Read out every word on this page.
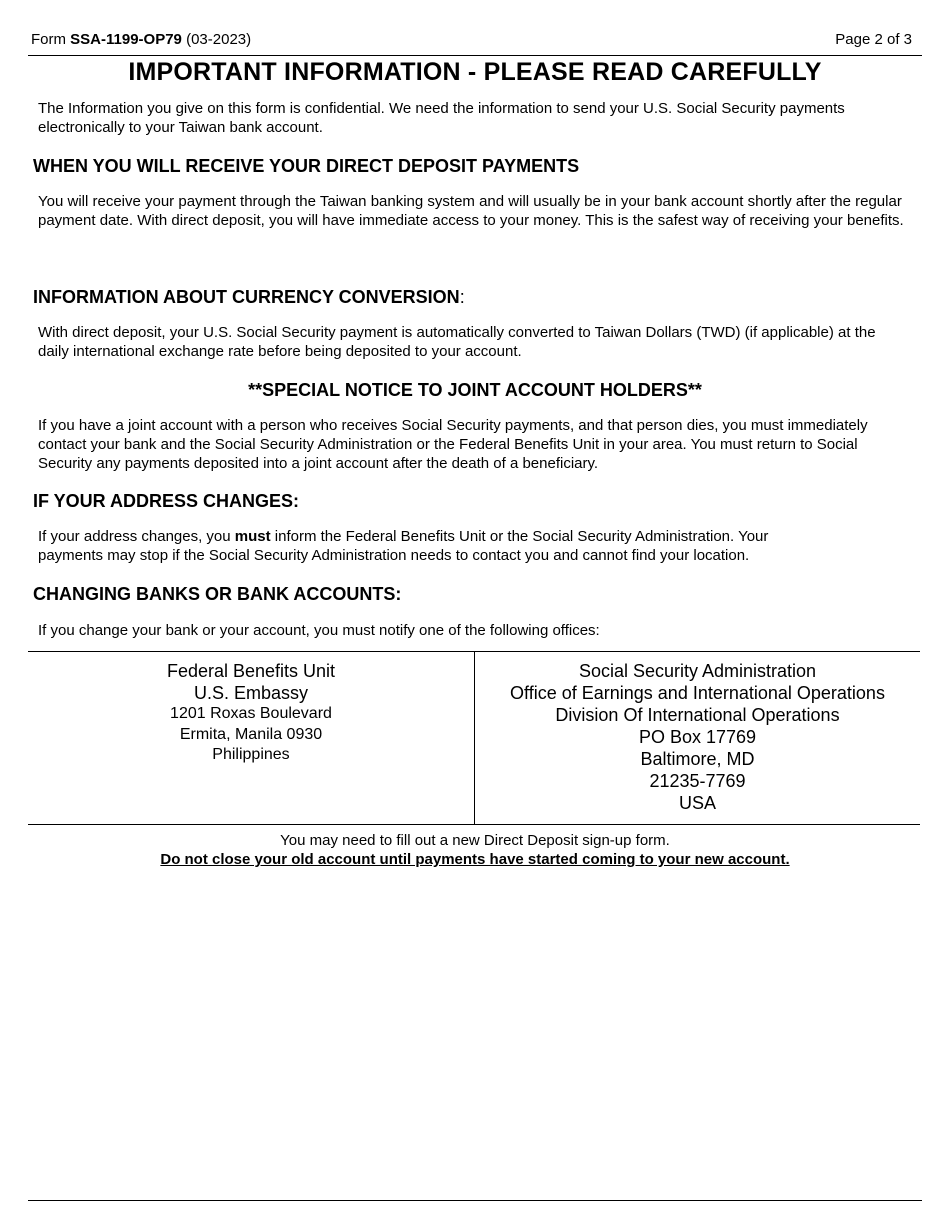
Form SSA-1199-OP79 (03-2023)	Page 2 of 3
IMPORTANT INFORMATION - PLEASE READ CAREFULLY
The Information you give on this form is confidential. We need the information to send your U.S. Social Security payments electronically to your Taiwan bank account.
WHEN YOU WILL RECEIVE YOUR DIRECT DEPOSIT PAYMENTS
You will receive your payment through the Taiwan banking system and will usually be in your bank account shortly after the regular payment date. With direct deposit, you will have immediate access to your money. This is the safest way of receiving your benefits.
INFORMATION ABOUT CURRENCY CONVERSION:
With direct deposit, your U.S. Social Security payment is automatically converted to Taiwan Dollars (TWD) (if applicable) at the daily international exchange rate before being deposited to your account.
**SPECIAL NOTICE TO JOINT ACCOUNT HOLDERS**
If you have a joint account with a person who receives Social Security payments, and that person dies, you must immediately contact your bank and the Social Security Administration or the Federal Benefits Unit in your area. You must return to Social Security any payments deposited into a joint account after the death of a beneficiary.
IF YOUR ADDRESS CHANGES:
If your address changes, you must inform the Federal Benefits Unit or the Social Security Administration. Your payments may stop if the Social Security Administration needs to contact you and cannot find your location.
CHANGING BANKS OR BANK ACCOUNTS:
If you change your bank or your account, you must notify one of the following offices:
Federal Benefits Unit
U.S. Embassy
1201 Roxas Boulevard
Ermita, Manila 0930
Philippines
Social Security Administration
Office of Earnings and International Operations
Division Of International Operations
PO Box 17769
Baltimore, MD
21235-7769
USA
You may need to fill out a new Direct Deposit sign-up form.
Do not close your old account until payments have started coming to your new account.
